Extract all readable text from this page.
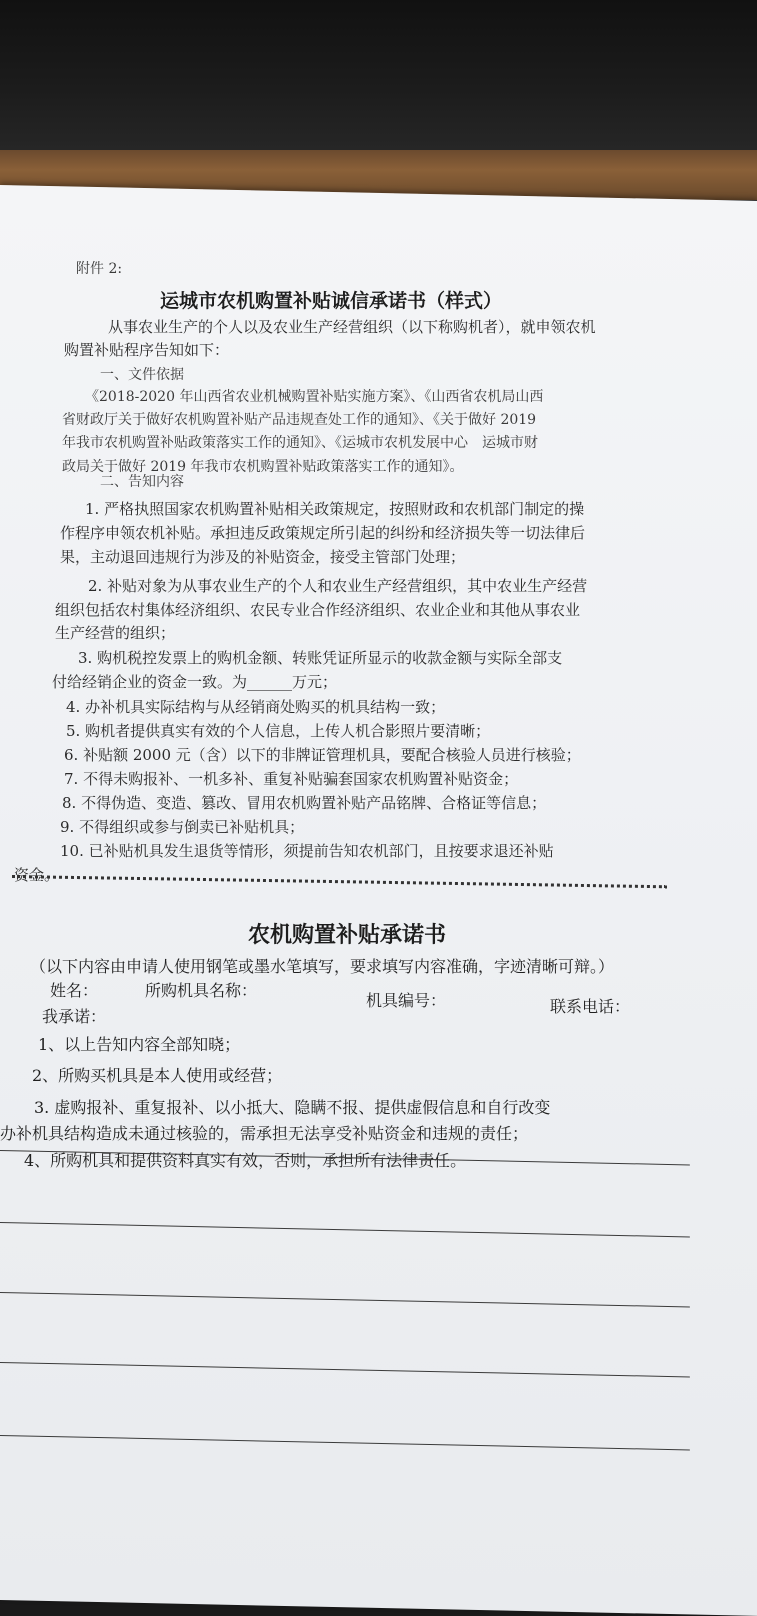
附件 2:
运城市农机购置补贴诚信承诺书（样式）
从事农业生产的个人以及农业生产经营组织（以下称购机者），就申领农机
购置补贴程序告知如下：
一、文件依据
《2018-2020 年山西省农业机械购置补贴实施方案》、《山西省农机局山西
省财政厅关于做好农机购置补贴产品违规查处工作的通知》、《关于做好 2019
年我市农机购置补贴政策落实工作的通知》、《运城市农机发展中心　运城市财
政局关于做好 2019 年我市农机购置补贴政策落实工作的通知》。
二、告知内容
1. 严格执照国家农机购置补贴相关政策规定，按照财政和农机部门制定的操
作程序申领农机补贴。承担违反政策规定所引起的纠纷和经济损失等一切法律后
果，主动退回违规行为涉及的补贴资金，接受主管部门处理；
2. 补贴对象为从事农业生产的个人和农业生产经营组织，其中农业生产经营
组织包括农村集体经济组织、农民专业合作经济组织、农业企业和其他从事农业
生产经营的组织；
3. 购机税控发票上的购机金额、转账凭证所显示的收款金额与实际全部支
付给经销企业的资金一致。为______万元；
4. 办补机具实际结构与从经销商处购买的机具结构一致；
5. 购机者提供真实有效的个人信息，上传人机合影照片要清晰；
6. 补贴额 2000 元（含）以下的非牌证管理机具，要配合核验人员进行核验；
7. 不得未购报补、一机多补、重复补贴骗套国家农机购置补贴资金；
8. 不得伪造、变造、篡改、冒用农机购置补贴产品铭牌、合格证等信息；
9. 不得组织或参与倒卖已补贴机具；
10. 已补贴机具发生退货等情形，须提前告知农机部门，且按要求退还补贴
资金。
农机购置补贴承诺书
（以下内容由申请人使用钢笔或墨水笔填写，要求填写内容准确，字迹清晰可辩。）
姓名：	所购机具名称：
机具编号：	联系电话：
我承诺：
1、以上告知内容全部知晓；
2、所购买机具是本人使用或经营；
3. 虚购报补、重复报补、以小抵大、隐瞒不报、提供虚假信息和自行改变
办补机具结构造成未通过核验的，需承担无法享受补贴资金和违规的责任；
4、所购机具和提供资料真实有效，否则，承担所有法律责任。
